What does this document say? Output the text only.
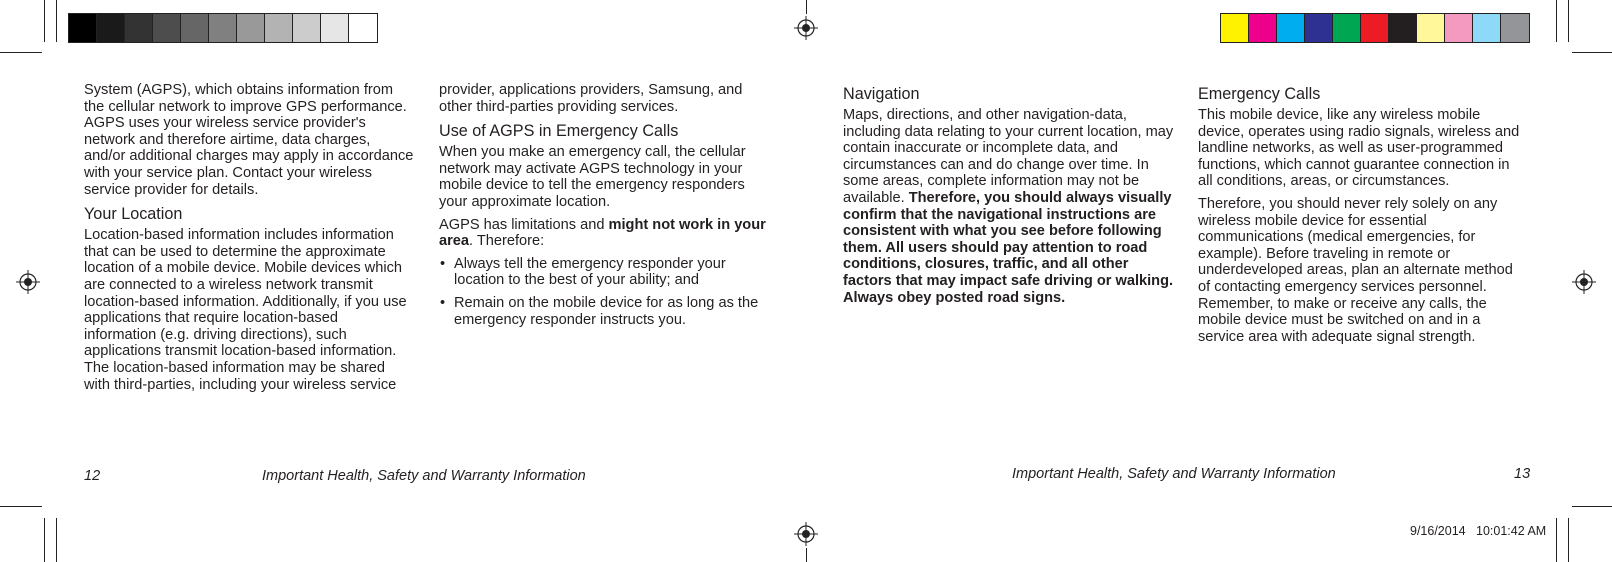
System (AGPS), which obtains information from the cellular network to improve GPS performance. AGPS uses your wireless service provider's network and therefore airtime, data charges, and/or additional charges may apply in accordance with your service plan. Contact your wireless service provider for details.

Your Location

Location-based information includes information that can be used to determine the approximate location of a mobile device. Mobile devices which are connected to a wireless network transmit location-based information. Additionally, if you use applications that require location-based information (e.g. driving directions), such applications transmit location-based information. The location-based information may be shared with third-parties, including your wireless service

provider, applications providers, Samsung, and other third-parties providing services.

Use of AGPS in Emergency Calls

When you make an emergency call, the cellular network may activate AGPS technology in your mobile device to tell the emergency responders your approximate location.

AGPS has limitations and might not work in your area. Therefore:

• Always tell the emergency responder your location to the best of your ability; and
• Remain on the mobile device for as long as the emergency responder instructs you.
12	Important Health, Safety and Warranty Information
Navigation

Maps, directions, and other navigation-data, including data relating to your current location, may contain inaccurate or incomplete data, and circumstances can and do change over time. In some areas, complete information may not be available. Therefore, you should always visually confirm that the navigational instructions are consistent with what you see before following them. All users should pay attention to road conditions, closures, traffic, and all other factors that may impact safe driving or walking. Always obey posted road signs.

Emergency Calls

This mobile device, like any wireless mobile device, operates using radio signals, wireless and landline networks, as well as user-programmed functions, which cannot guarantee connection in all conditions, areas, or circumstances.

Therefore, you should never rely solely on any wireless mobile device for essential communications (medical emergencies, for example). Before traveling in remote or underdeveloped areas, plan an alternate method of contacting emergency services personnel. Remember, to make or receive any calls, the mobile device must be switched on and in a service area with adequate signal strength.

Important Health, Safety and Warranty Information	13
9/16/2014   10:01:42 AM
